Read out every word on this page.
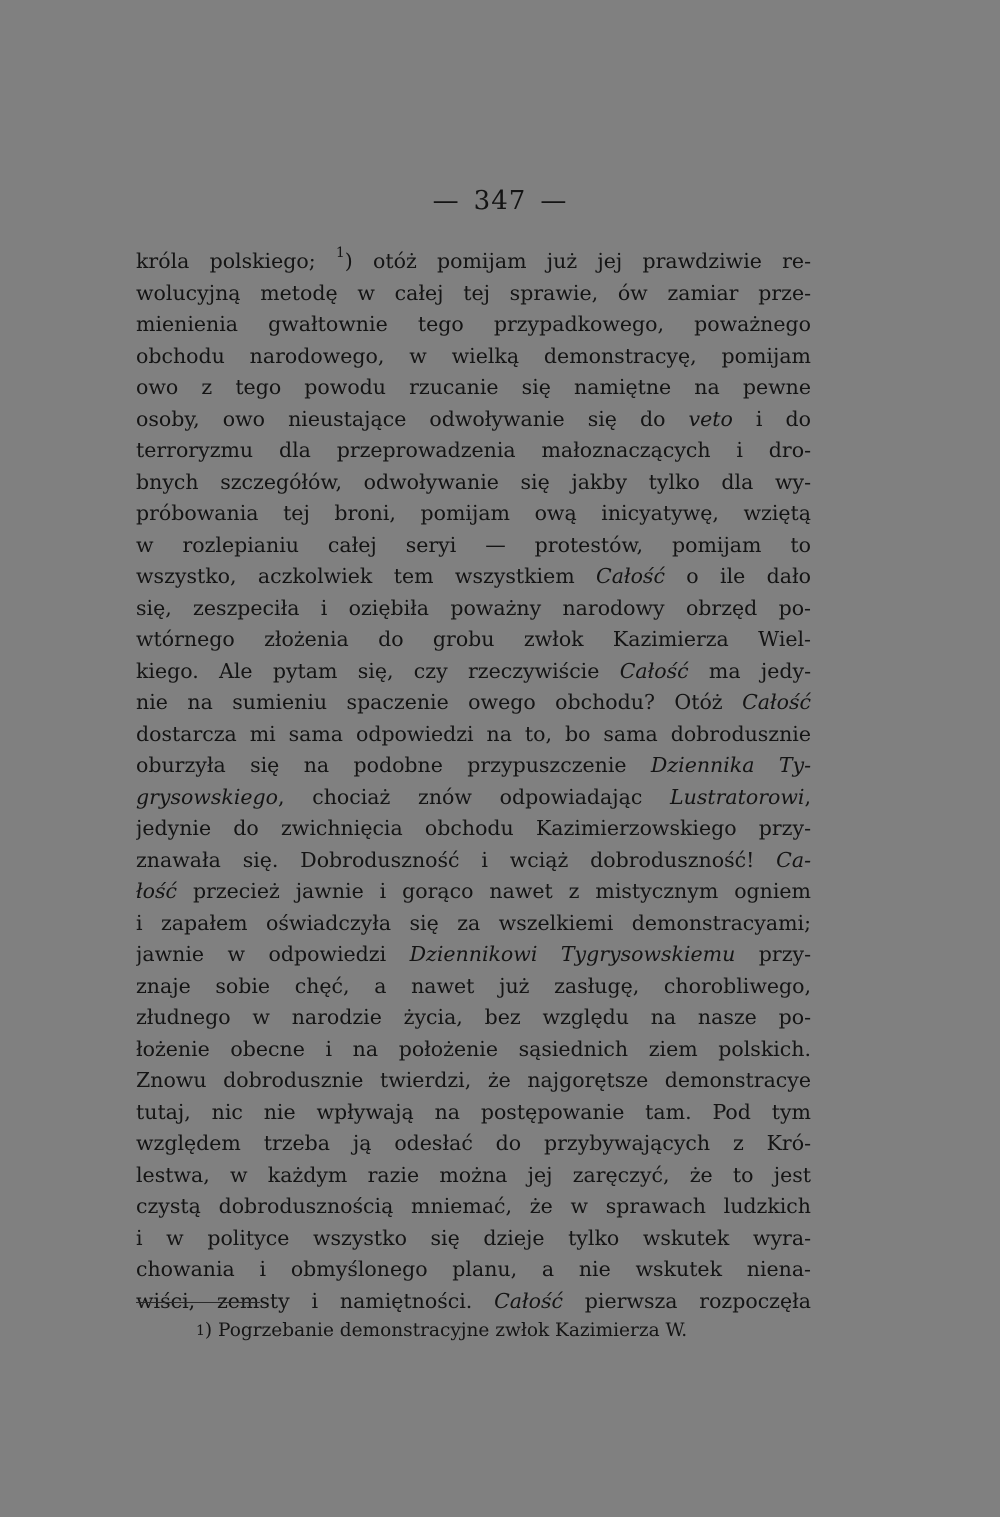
— 347 —
króla polskiego; $^1$) otóż pomijam już jej prawdziwie re-
wolucyjną metodę w całej tej sprawie, ów zamiar prze-
mienienia gwałtownie tego przypadkowego, poważnego
obchodu narodowego, w wielką demonstracyę, pomijam
owo z tego powodu rzucanie się namiętne na pewne
osoby, owo nieustające odwoływanie się do veto i do
terroryzmu dla przeprowadzenia małoznaczących i dro-
bnych szczegółów, odwoływanie się jakby tylko dla wy-
próbowania tej broni, pomijam ową inicyatywę, wziętą
w rozlepianiu całej seryi — protestów, pomijam to
wszystko, aczkolwiek tem wszystkiem Całość o ile dało
się, zeszpeciła i oziębiła poważny narodowy obrzęd po-
wtórnego złożenia do grobu zwłok Kazimierza Wiel-
kiego. Ale pytam się, czy rzeczywiście Całość ma jedy-
nie na sumieniu spaczenie owego obchodu? Otóż Całość
dostarcza mi sama odpowiedzi na to, bo sama dobrodusznie
oburzyła się na podobne przypuszczenie Dziennika Ty-
grysowskiego, chociaż znów odpowiadając Lustratorowi,
jedynie do zwichnięcia obchodu Kazimierzowskiego przy-
znawała się. Dobroduszność i wciąż dobroduszność! Ca-
łość przecież jawnie i gorąco nawet z mistycznym ogniem
i zapałem oświadczyła się za wszelkiemi demonstracyami;
jawnie w odpowiedzi Dziennikowi Tygrysowskiemu przy-
znaje sobie chęć, a nawet już zasługę, chorobliwego,
złudnego w narodzie życia, bez względu na nasze po-
łożenie obecne i na położenie sąsiednich ziem polskich.
Znowu dobrodusznie twierdzi, że najgorętsze demonstracye
tutaj, nic nie wpływają na postępowanie tam. Pod tym
względem trzeba ją odesłać do przybywających z Kró-
lestwa, w każdym razie można jej zaręczyć, że to jest
czystą dobrodusznością mniemać, że w sprawach ludzkich
i w polityce wszystko się dzieje tylko wskutek wyra-
chowania i obmyślonego planu, a nie wskutek niena-
wiści, zemsty i namiętności. Całość pierwsza rozpoczęła
$^1$) Pogrzebanie demonstracyjne zwłok Kazimierza W.
